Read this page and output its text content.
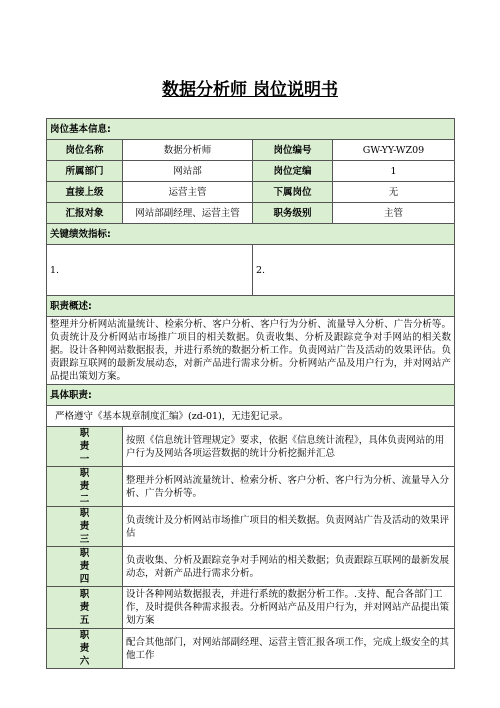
数据分析师 岗位说明书
岗位基本信息:			
岗位名称	数据分析师	岗位编号	GW-YY-WZ09
所属部门	网站部	岗位定编	1
直接上级	运营主管	下属岗位	无
汇报对象	网站部副经理、运营主管	职务级别	主管
关键绩效指标:			
1.		2.	
职责概述:			
整理并分析网站流量统计、检索分析、客户分析、客户行为分析、流量导入分析、广告分析等。负责统计及分析网站市场推广项目的相关数据。负责收集、分析及跟踪竞争对手网站的相关数据。设计各种网站数据报表，并进行系统的数据分析工作。负责网站广告及活动的效果评估。负责跟踪互联网的最新发展动态，对新产品进行需求分析。分析网站产品及用户行为，并对网站产品提出策划方案。			
具体职责:			
严格遵守《基本规章制度汇编》(zd-01)，无违犯记录。			

职责一	按照《信息统计管理规定》要求，依据《信息统计流程》，具体负责网站的用户行为及网站各项运营数据的统计分析挖掘并汇总		

职责二	整理并分析网站流量统计、检索分析、客户分析、客户行为分析、流量导入分析、广告分析等。		

职责三	负责统计及分析网站市场推广项目的相关数据。负责网站广告及活动的效果评估		

职责四	负责收集、分析及跟踪竞争对手网站的相关数据；负责跟踪互联网的最新发展动态，对新产品进行需求分析。		

职责五	设计各种网站数据报表，并进行系统的数据分析工作。.支持、配合各部门工作，及时提供各种需求报表。分析网站产品及用户行为，并对网站产品提出策划方案		

职责六	配合其他部门，对网站部副经理、运营主管汇报各项工作，完成上级安全的其他工作		
